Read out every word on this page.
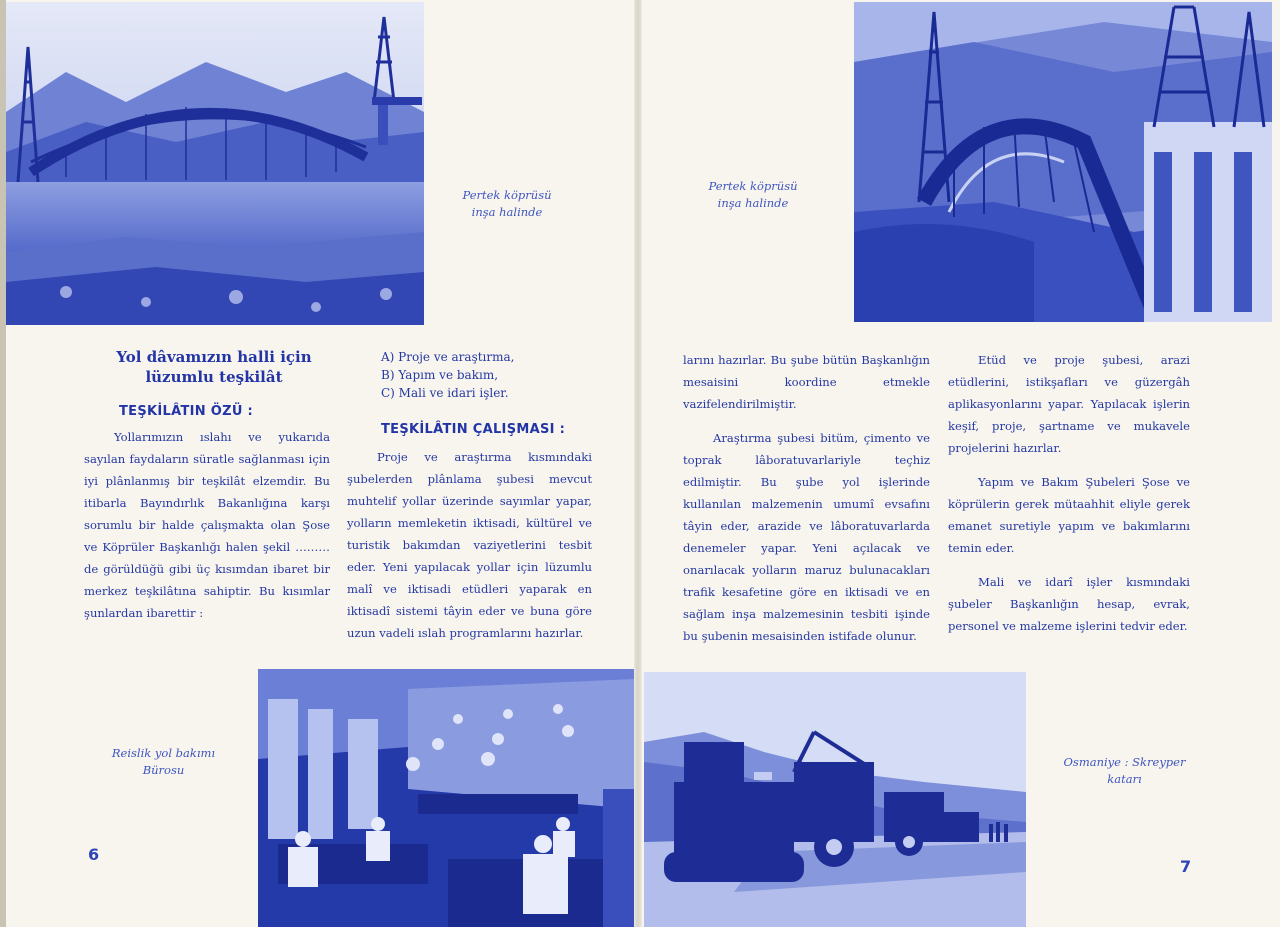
Pertek köprüsü
inşa halinde
Yol dâvamızın halli için
lüzumlu teşkilât
TEŞKİLÂTIN ÖZÜ :

Yollarımızın ıslahı ve yukarıda sayılan faydaların süratle sağlanması için iyi plânlanmış bir teşkilât elzemdir. Bu itibarla Bayındırlık Bakanlığına karşı sorumlu bir halde çalışmakta olan Şose ve Köprüler Başkanlığı halen şekil ……… de görüldüğü gibi üç kısımdan ibaret bir merkez teşkilâtına sahiptir. Bu kısımlar şunlardan ibarettir :

A) Proje ve araştırma,
B) Yapım ve bakım,
C) Mali ve idari işler.
TEŞKİLÂTIN ÇALIŞMASI :

Proje ve araştırma kısmındaki şubelerden plânlama şubesi mevcut muhtelif yollar üzerinde sayımlar yapar, yolların memleketin iktisadi, kültürel ve turistik bakımdan vaziyetlerini tesbit eder. Yeni yapılacak yollar için lüzumlu malî ve iktisadi etüdleri yaparak en iktisadî sistemi tâyin eder ve buna göre uzun vadeli ıslah programlarını hazırlar.

Reislik yol bakımı
Bürosu
6
Pertek köprüsü
inşa halinde

larını hazırlar. Bu şube bütün Başkanlığın mesaisini koordine etmekle vazifelendirilmiştir.

Araştırma şubesi bitüm, çimento ve toprak lâboratuvarlariyle teçhiz edilmiştir. Bu şube yol işlerinde kullanılan malzemenin umumî evsafını tâyin eder, arazide ve lâboratuvarlarda denemeler yapar. Yeni açılacak ve onarılacak yolların maruz bulunacakları trafik kesafetine göre en iktisadi ve en sağlam inşa malzemesinin tesbiti işinde bu şubenin mesaisinden istifade olunur.

Etüd ve proje şubesi, arazi etüdlerini, istikşafları ve güzergâh aplikasyonlarını yapar. Yapılacak işlerin keşif, proje, şartname ve mukavele projelerini hazırlar.

Yapım ve Bakım Şubeleri Şose ve köprülerin gerek mütaahhit eliyle gerek emanet suretiyle yapım ve bakımlarını temin eder.

Mali ve idarî işler kısmındaki şubeler Başkanlığın hesap, evrak, personel ve malzeme işlerini tedvir eder.

Osmaniye : Skreyper
katarı
7
